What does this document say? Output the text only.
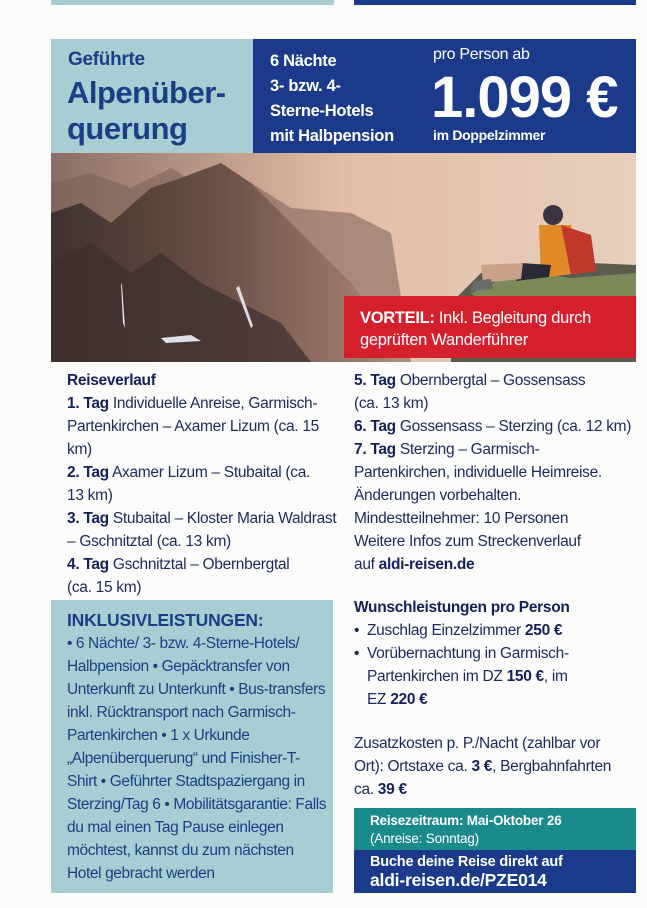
Geführte
Alpenüber-
querung
6 Nächte
3- bzw. 4-
Sterne-Hotels
mit Halbpension
pro Person ab
1.099 €
im Doppelzimmer
VORTEIL: Inkl. Begleitung durch
geprüften Wanderführer
Reiseverlauf
1. Tag Individuelle Anreise, Garmisch-Partenkirchen – Axamer Lizum (ca. 15 km)
2. Tag Axamer Lizum – Stubaital (ca. 13 km)
3. Tag Stubaital – Kloster Maria Waldrast – Gschnitztal (ca. 13 km)
4. Tag Gschnitztal – Obernbergtal (ca. 15 km)
5. Tag Obernbergtal – Gossensass (ca. 13 km)
6. Tag Gossensass – Sterzing (ca. 12 km)
7. Tag Sterzing – Garmisch-Partenkirchen, individuelle Heimreise.
Änderungen vorbehalten.
Mindestteilnehmer: 10 Personen
Weitere Infos zum Streckenverlauf
auf aldi-reisen.de
INKLUSIVLEISTUNGEN:
• 6 Nächte/ 3- bzw. 4-Sterne-Hotels/ Halbpension • Gepäcktransfer von Unterkunft zu Unterkunft • Bus-transfers inkl. Rücktransport nach Garmisch-Partenkirchen • 1 x Urkunde „Alpenüberquerung“ und Finisher-T-Shirt • Geführter Stadtspaziergang in Sterzing/Tag 6 • Mobilitätsgarantie: Falls du mal einen Tag Pause einlegen möchtest, kannst du zum nächsten Hotel gebracht werden
Wunschleistungen pro Person
• Zuschlag Einzelzimmer 250 €
• Vorübernachtung in Garmisch-Partenkirchen im DZ 150 €, im EZ 220 €
Zusatzkosten p. P./Nacht (zahlbar vor Ort): Ortstaxe ca. 3 €, Bergbahnfahrten ca. 39 €
Reisezeitraum: Mai-Oktober 26
(Anreise: Sonntag)
Buche deine Reise direkt auf
aldi-reisen.de/PZE014
